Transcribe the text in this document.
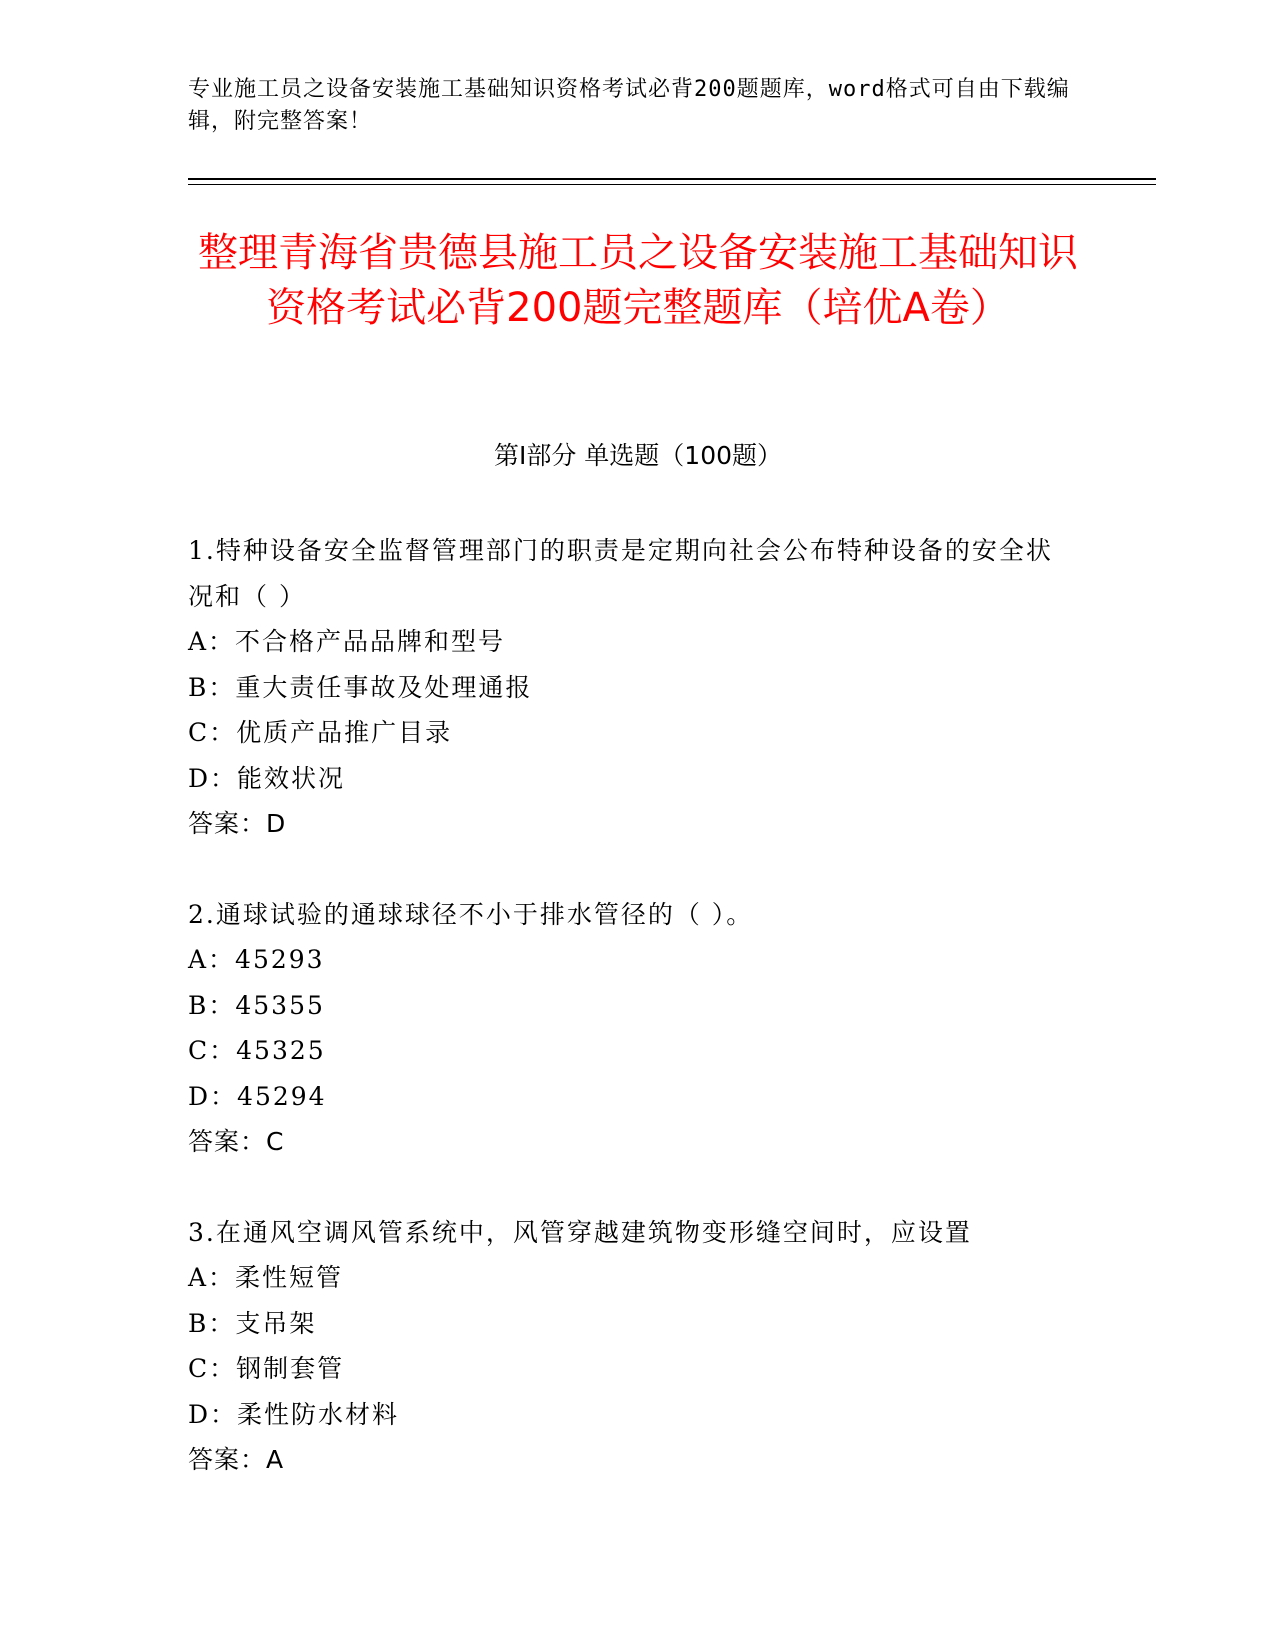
专业施工员之设备安装施工基础知识资格考试必背200题题库，word格式可自由下载编辑，附完整答案！
整理青海省贵德县施工员之设备安装施工基础知识资格考试必背200题完整题库（培优A卷）
第Ⅰ部分 单选题（100题）
1.特种设备安全监督管理部门的职责是定期向社会公布特种设备的安全状况和（ ）
A：不合格产品品牌和型号
B：重大责任事故及处理通报
C：优质产品推广目录
D：能效状况
答案：D
2.通球试验的通球球径不小于排水管径的（ ）。
A：45293
B：45355
C：45325
D：45294
答案：C
3.在通风空调风管系统中，风管穿越建筑物变形缝空间时，应设置
A：柔性短管
B：支吊架
C：钢制套管
D：柔性防水材料
答案：A
